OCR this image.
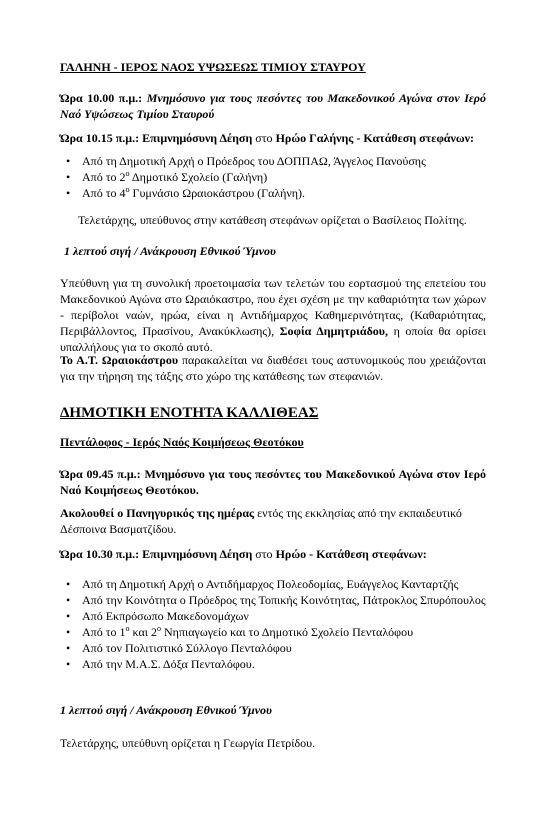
ΓΑΛΗΝΗ - ΙΕΡΟΣ ΝΑΟΣ ΥΨΩΣΕΩΣ ΤΙΜΙΟΥ ΣΤΑΥΡΟΥ

Ώρα 10.00 π.μ.: Μνημόσυνο για τους πεσόντες του Μακεδονικού Αγώνα στον Ιερό Ναό Υψώσεως Τιμίου Σταυρού

Ώρα 10.15 π.μ.: Επιμνημόσυνη Δέηση στο Ηρώο Γαλήνης - Κατάθεση στεφάνων:

• Από τη Δημοτική Αρχή ο Πρόεδρος του ΔΟΠΠΑΩ, Άγγελος Πανούσης
• Από το $2^o$ Δημοτικό Σχολείο (Γαλήνη)
• Από το $4^o$ Γυμνάσιο Ωραιοκάστρου (Γαλήνη).

Τελετάρχης, υπεύθυνος στην κατάθεση στεφάνων ορίζεται ο Βασίλειος Πολίτης.

1 λεπτού σιγή / Ανάκρουση Εθνικού Ύμνου

Υπεύθυνη για τη συνολική προετοιμασία των τελετών του εορτασμού της επετείου του Μακεδονικού Αγώνα στο Ωραιόκαστρο, που έχει σχέση με την καθαριότητα των χώρων - περίβολοι ναών, ηρώα, είναι η Αντιδήμαρχος Καθημερινότητας, (Καθαριότητας, Περιβάλλοντος, Πρασίνου, Ανακύκλωσης), Σοφία Δημητριάδου, η οποία θα ορίσει υπαλλήλους για το σκοπό αυτό.

Το Α.Τ. Ωραιοκάστρου παρακαλείται να διαθέσει τους αστυνομικούς που χρειάζονται για την τήρηση της τάξης στο χώρο της κατάθεσης των στεφανιών.

ΔΗΜΟΤΙΚΗ ΕΝΟΤΗΤΑ ΚΑΛΛΙΘΕΑΣ

Πεντάλοφος - Ιερός Ναός Κοιμήσεως Θεοτόκου

Ώρα 09.45 π.μ.: Μνημόσυνο για τους πεσόντες του Μακεδονικού Αγώνα στον Ιερό Ναό Κοιμήσεως Θεοτόκου.

Ακολουθεί ο Πανηγυρικός της ημέρας εντός της εκκλησίας από την εκπαιδευτικό Δέσποινα Βασματζίδου.

Ώρα 10.30 π.μ.: Επιμνημόσυνη Δέηση στο Ηρώο - Κατάθεση στεφάνων:

• Από τη Δημοτική Αρχή ο Αντιδήμαρχος Πολεοδομίας, Ευάγγελος Κανταρτζής
• Από την Κοινότητα ο Πρόεδρος της Τοπικής Κοινότητας, Πάτροκλος Σπυρόπουλος
• Από Εκπρόσωπο Μακεδονομάχων
• Από το $1^o$ και $2^o$ Νηπιαγωγείο και το Δημοτικό Σχολείο Πενταλόφου
• Από τον Πολιτιστικό Σύλλογο Πενταλόφου
• Από την Μ.Α.Σ. Δόξα Πενταλόφου.

1 λεπτού σιγή / Ανάκρουση Εθνικού Ύμνου

Τελετάρχης, υπεύθυνη ορίζεται η Γεωργία Πετρίδου.
